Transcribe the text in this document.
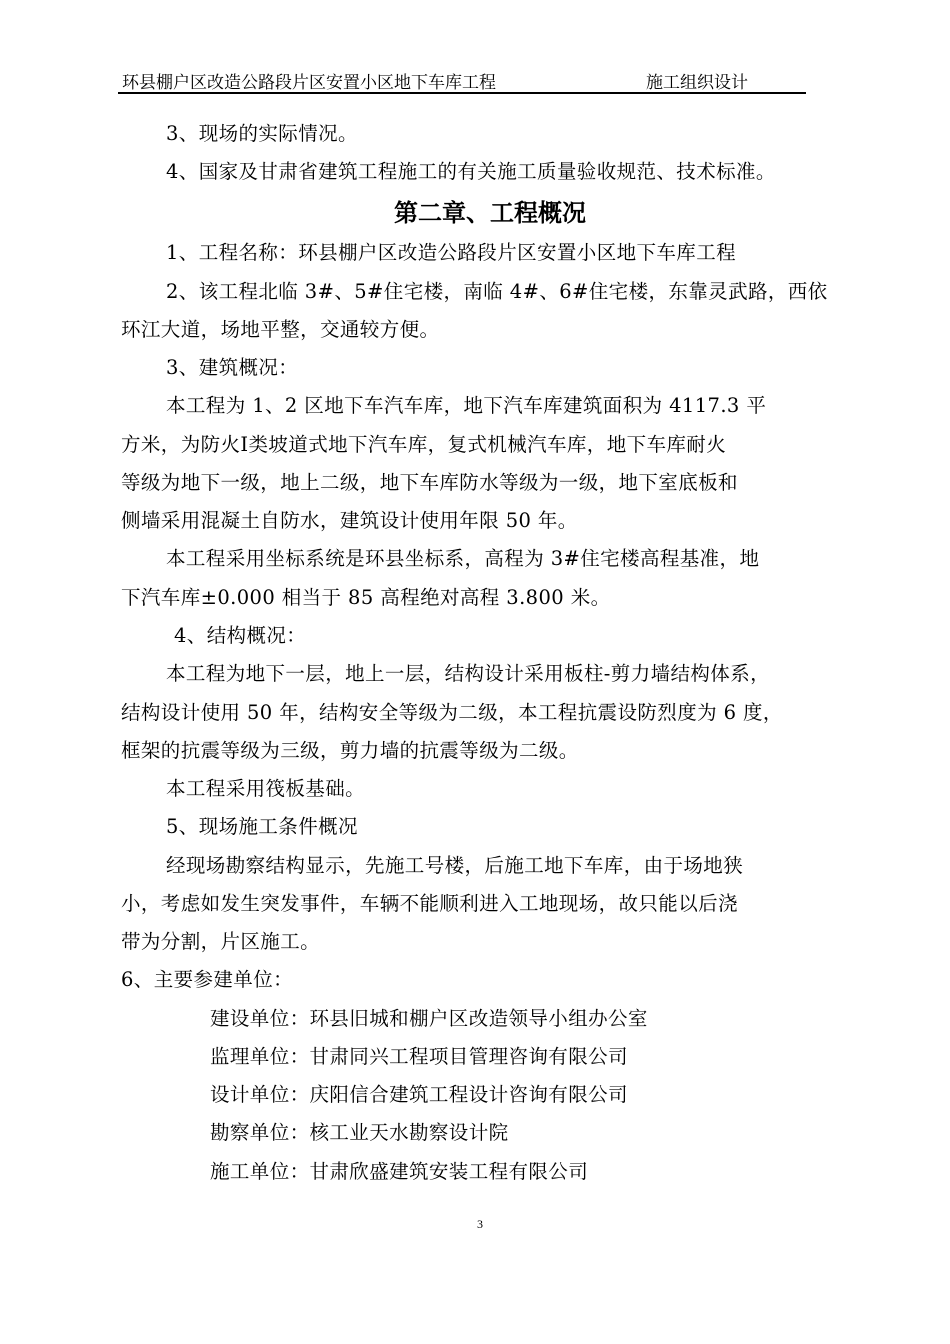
环县棚户区改造公路段片区安置小区地下车库工程	施工组织设计
3、现场的实际情况。
4、国家及甘肃省建筑工程施工的有关施工质量验收规范、技术标准。
第二章、工程概况
1、工程名称：环县棚户区改造公路段片区安置小区地下车库工程
2、该工程北临 3#、5#住宅楼，南临 4#、6#住宅楼，东靠灵武路，西依
环江大道，场地平整，交通较方便。
3、建筑概况：
本工程为 1、2 区地下车汽车库，地下汽车库建筑面积为 4117.3 平
方米，为防火Ⅰ类坡道式地下汽车库，复式机械汽车库，地下车库耐火
等级为地下一级，地上二级，地下车库防水等级为一级，地下室底板和
侧墙采用混凝土自防水，建筑设计使用年限 50 年。
本工程采用坐标系统是环县坐标系，高程为 3#住宅楼高程基准，地
下汽车库±0.000 相当于 85 高程绝对高程 3.800 米。
4、结构概况：
本工程为地下一层，地上一层，结构设计采用板柱-剪力墙结构体系，
结构设计使用 50 年，结构安全等级为二级，本工程抗震设防烈度为 6 度，
框架的抗震等级为三级，剪力墙的抗震等级为二级。
本工程采用筏板基础。
5、现场施工条件概况
经现场勘察结构显示，先施工号楼，后施工地下车库，由于场地狭
小，考虑如发生突发事件，车辆不能顺利进入工地现场，故只能以后浇
带为分割，片区施工。
6、主要参建单位：
建设单位：环县旧城和棚户区改造领导小组办公室
监理单位：甘肃同兴工程项目管理咨询有限公司
设计单位：庆阳信合建筑工程设计咨询有限公司
勘察单位：核工业天水勘察设计院
施工单位：甘肃欣盛建筑安装工程有限公司
3
